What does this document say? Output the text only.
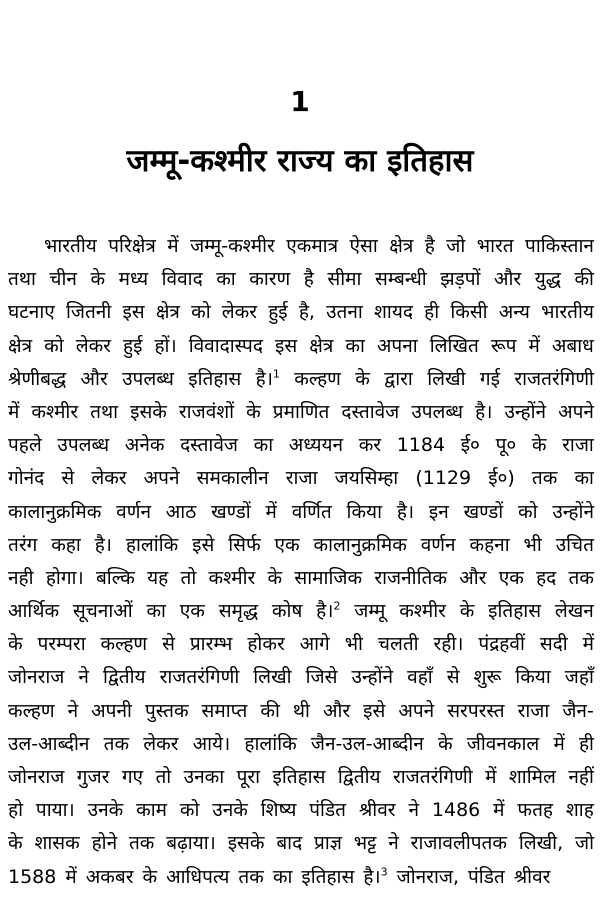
1
जम्मू-कश्मीर राज्य का इतिहास
भारतीय परिक्षेत्र में जम्मू-कश्मीर एकमात्र ऐसा क्षेत्र है जो भारत पाकिस्तान
तथा चीन के मध्य विवाद का कारण है सीमा सम्बन्धी झड़पों और युद्ध की
घटनाए जितनी इस क्षेत्र को लेकर हुई है, उतना शायद ही किसी अन्य भारतीय
क्षेत्र को लेकर हुई हों। विवादास्पद इस क्षेत्र का अपना लिखित रूप में अबाध
श्रेणीबद्ध और उपलब्ध इतिहास है।$^1$ कल्हण के द्वारा लिखी गई राजतरंगिणी
में कश्मीर तथा इसके राजवंशों के प्रमाणित दस्तावेज उपलब्ध है। उन्होंने अपने
पहले उपलब्ध अनेक दस्तावेज का अध्ययन कर 1184 ई० पू० के राजा
गोनंद से लेकर अपने समकालीन राजा जयसिम्हा (1129 ई०) तक का
कालानुक्रमिक वर्णन आठ खण्डों में वर्णित किया है। इन खण्डों को उन्होंने
तरंग कहा है। हालांकि इसे सिर्फ एक कालानुक्रमिक वर्णन कहना भी उचित
नही होगा। बल्कि यह तो कश्मीर के सामाजिक राजनीतिक और एक हद तक
आर्थिक सूचनाओं का एक समृद्ध कोष है।$^2$ जम्मू कश्मीर के इतिहास लेखन
के परम्परा कल्हण से प्रारम्भ होकर आगे भी चलती रही। पंद्रहवीं सदी में
जोनराज ने द्वितीय राजतरंगिणी लिखी जिसे उन्होंने वहाँ से शुरू किया जहाँ
कल्हण ने अपनी पुस्तक समाप्त की थी और इसे अपने सरपरस्त राजा जैन-
उल-आब्दीन तक लेकर आये। हालांकि जैन-उल-आब्दीन के जीवनकाल में ही
जोनराज गुजर गए तो उनका पूरा इतिहास द्वितीय राजतरंगिणी में शामिल नहीं
हो पाया। उनके काम को उनके शिष्य पंडित श्रीवर ने 1486 में फतह शाह
के शासक होने तक बढ़ाया। इसके बाद प्राज्ञ भट्ट ने राजावलीपतक लिखी, जो
1588 में अकबर के आधिपत्य तक का इतिहास है।$^3$ जोनराज, पंडित श्रीवर
